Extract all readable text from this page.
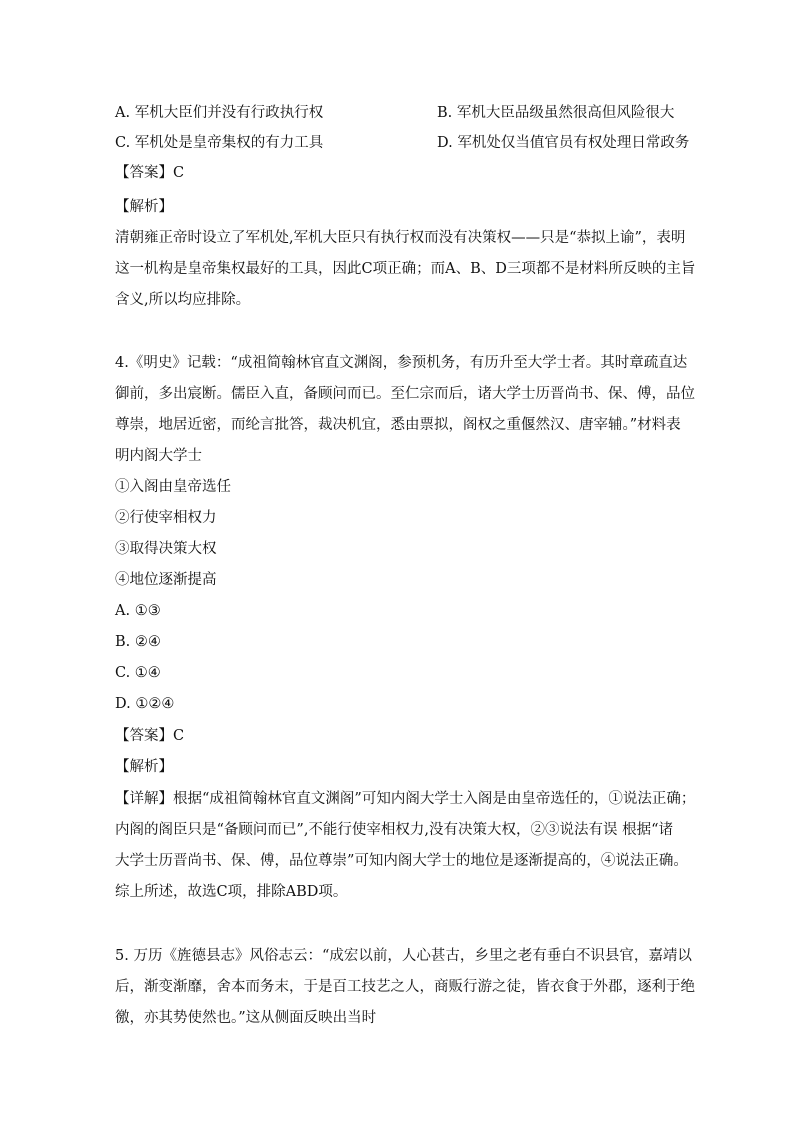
A. 军机大臣们并没有行政执行权	B. 军机大臣品级虽然很高但风险很大
C. 军机处是皇帝集权的有力工具	D. 军机处仅当值官员有权处理日常政务
【答案】C
【解析】
清朝雍正帝时设立了军机处,军机大臣只有执行权而没有决策权——只是“恭拟上谕”，表明
这一机构是皇帝集权最好的工具，因此C项正确；而A、B、D三项都不是材料所反映的主旨
含义,所以均应排除。
4.《明史》记载：“成祖简翰林官直文渊阁，参预机务，有历升至大学士者。其时章疏直达
御前，多出宸断。儒臣入直，备顾问而已。至仁宗而后，诸大学士历晋尚书、保、傅，品位
尊崇，地居近密，而纶言批答，裁决机宜，悉由票拟，阁权之重偃然汉、唐宰辅。”材料表
明内阁大学士
①入阁由皇帝选任
②行使宰相权力
③取得决策大权
④地位逐渐提高
A. ①③
B. ②④
C. ①④
D. ①②④
【答案】C
【解析】
【详解】根据“成祖简翰林官直文渊阁”可知内阁大学士入阁是由皇帝选任的，①说法正确；
内阁的阁臣只是“备顾问而已”,不能行使宰相权力,没有决策大权，②③说法有误 根据“诸
大学士历晋尚书、保、傅，品位尊崇”可知内阁大学士的地位是逐渐提高的，④说法正确。
综上所述，故选C项，排除ABD项。
5. 万历《旌德县志》风俗志云：“成宏以前，人心甚古，乡里之老有垂白不识县官，嘉靖以
后，渐变渐靡，舍本而务末，于是百工技艺之人，商贩行游之徒，皆衣食于外郡，逐利于绝
徼，亦其势使然也。”这从侧面反映出当时
